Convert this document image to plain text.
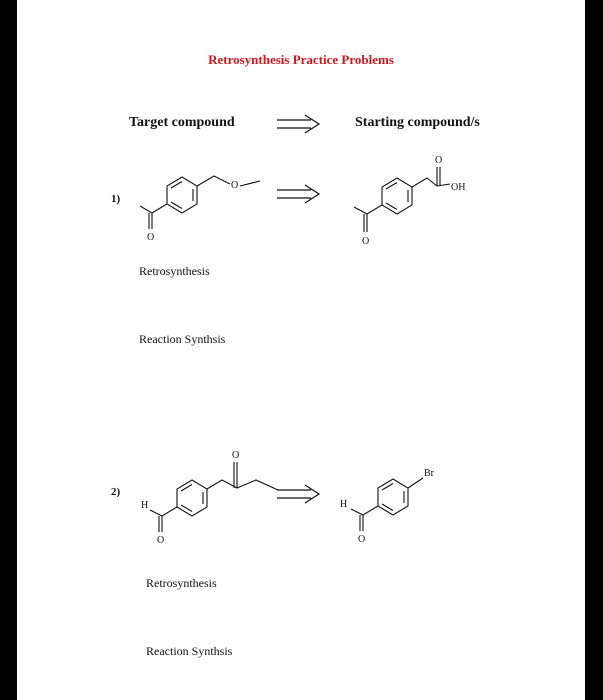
Retrosynthesis Practice Problems
Target compound	Starting compound/s
1)
O
O
O
OH
O
Retrosynthesis
Reaction Synthsis
2)
H
O
O
H
O
Br
Retrosynthesis
Reaction Synthsis
